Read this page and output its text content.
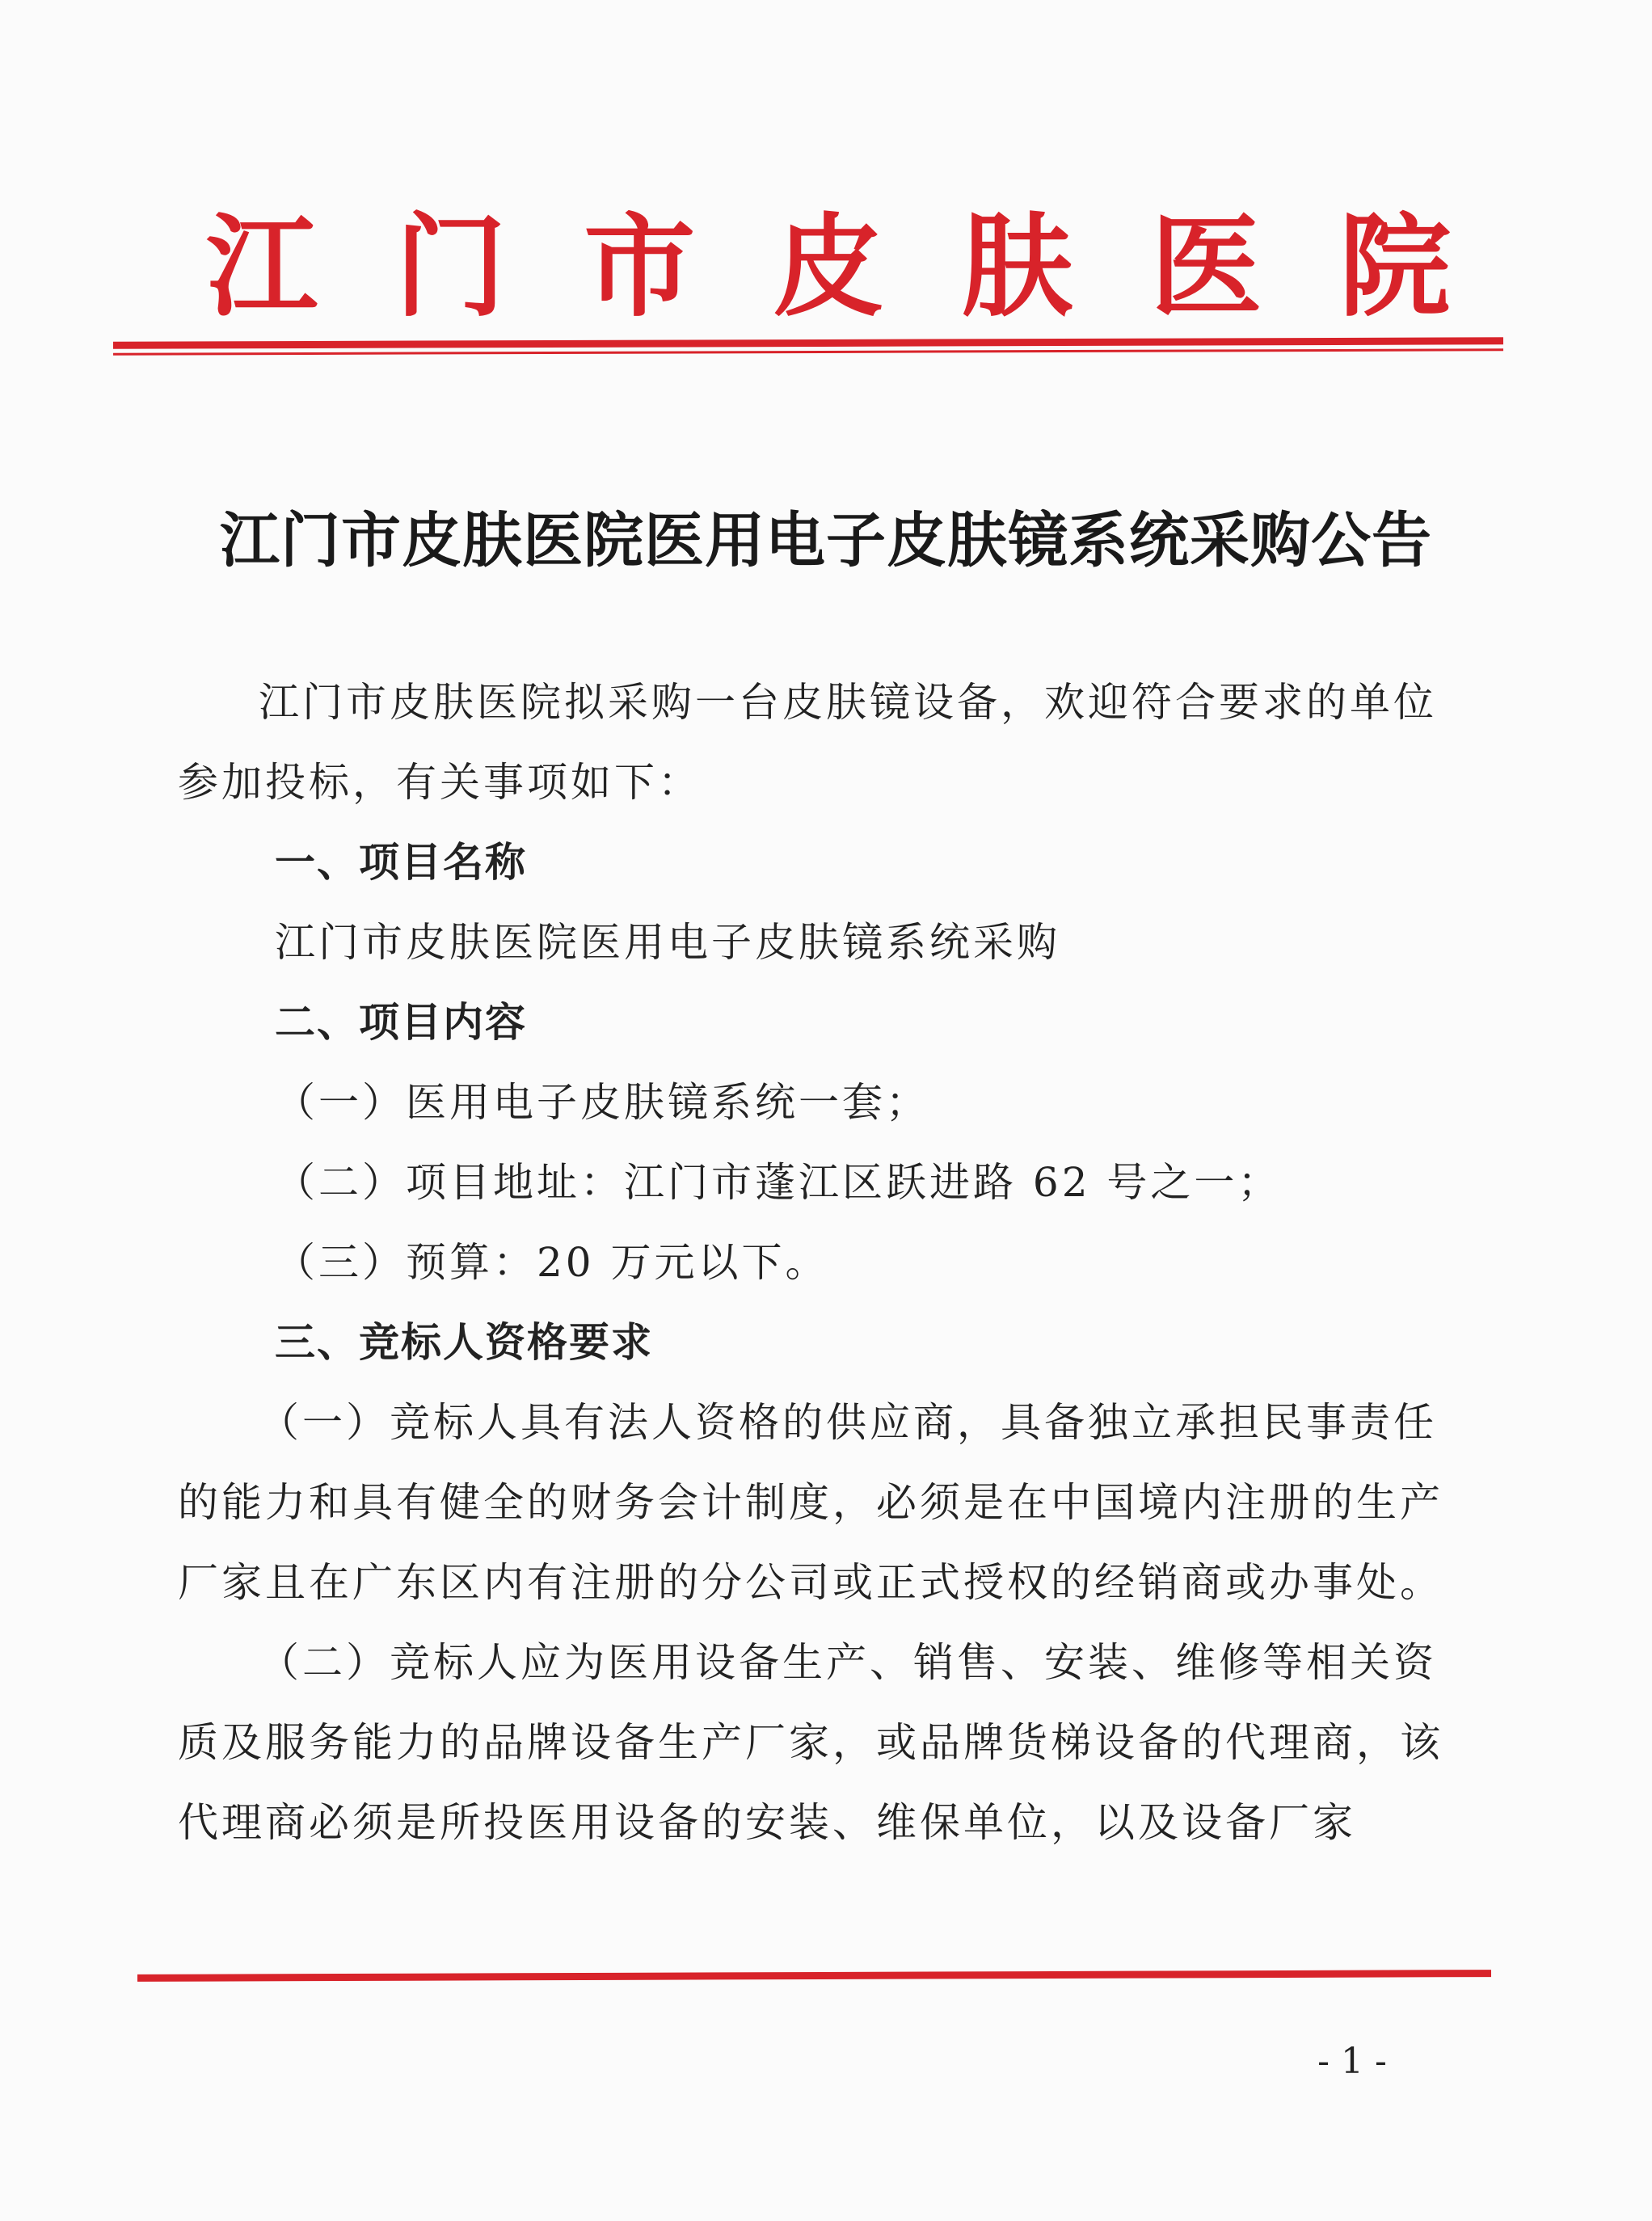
江 门 市 皮 肤 医 院
江门市皮肤医院医用电子皮肤镜系统采购公告

江门市皮肤医院拟采购一台皮肤镜设备，欢迎符合要求的单位参加投标，有关事项如下：

一、项目名称

江门市皮肤医院医用电子皮肤镜系统采购

二、项目内容

（一）医用电子皮肤镜系统一套；

（二）项目地址：江门市蓬江区跃进路 62 号之一；

（三）预算：20 万元以下。

三、竞标人资格要求

（一）竞标人具有法人资格的供应商，具备独立承担民事责任的能力和具有健全的财务会计制度，必须是在中国境内注册的生产厂家且在广东区内有注册的分公司或正式授权的经销商或办事处。

（二）竞标人应为医用设备生产、销售、安装、维修等相关资质及服务能力的品牌设备生产厂家，或品牌货梯设备的代理商，该代理商必须是所投医用设备的安装、维保单位，以及设备厂家

-1-
